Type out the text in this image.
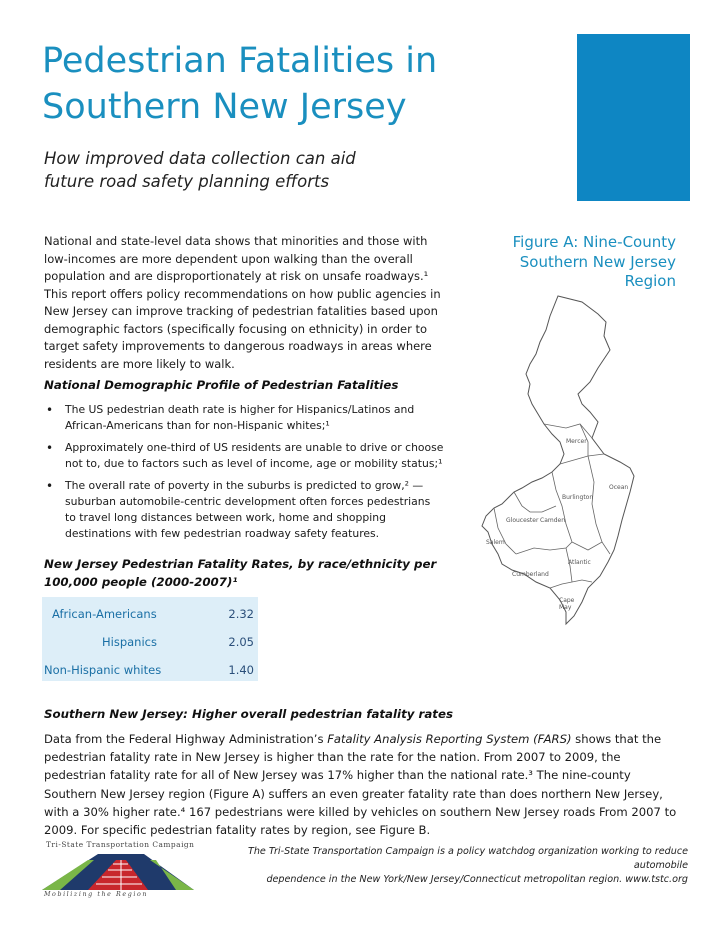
Pedestrian Fatalities in
Southern New Jersey
How improved data collection can aid
future road safety planning efforts

National and state-level data shows that minorities and those with low-incomes are more dependent upon walking than the overall population and are disproportionately at risk on unsafe roadways.¹ This report offers policy recommendations on how public agencies in New Jersey can improve tracking of pedestrian fatalities based upon demographic factors (specifically focusing on ethnicity) in order to target safety improvements to dangerous roadways in areas where residents are more likely to walk.

National Demographic Profile of Pedestrian Fatalities
• The US pedestrian death rate is higher for Hispanics/Latinos and African-Americans than for non-Hispanic whites;¹
• Approximately one-third of US residents are unable to drive or choose not to, due to factors such as level of income, age or mobility status;¹
• The overall rate of poverty in the suburbs is predicted to grow,² — suburban automobile-centric development often forces pedestrians to travel long distances between work, home and shopping destinations with few pedestrian roadway safety features.
New Jersey Pedestrian Fatality Rates, by race/ethnicity per 100,000 people (2000-2007)¹
African-Americans	2.32
Hispanics	2.05
Non-Hispanic whites	1.40
Southern New Jersey: Higher overall pedestrian fatality rates

Data from the Federal Highway Administration’s Fatality Analysis Reporting System (FARS) shows that the pedestrian fatality rate in New Jersey is higher than the rate for the nation. From 2007 to 2009, the pedestrian fatality rate for all of New Jersey was 17% higher than the national rate.³ The nine-county Southern New Jersey region (Figure A) suffers an even greater fatality rate than does northern New Jersey, with a 30% higher rate.⁴ 167 pedestrians were killed by vehicles on southern New Jersey roads From 2007 to 2009. For specific pedestrian fatality rates by region, see Figure B.

Figure A: Nine-County
Southern New Jersey
Region
Mercer
Burlington
Ocean
Gloucester Camden
Salem
Atlantic
Cumberland
Cape
May
Tri-State Transportation Campaign
Mobilizing the Region
The Tri-State Transportation Campaign is a policy watchdog organization working to reduce automobile
dependence in the New York/New Jersey/Connecticut metropolitan region. www.tstc.org
